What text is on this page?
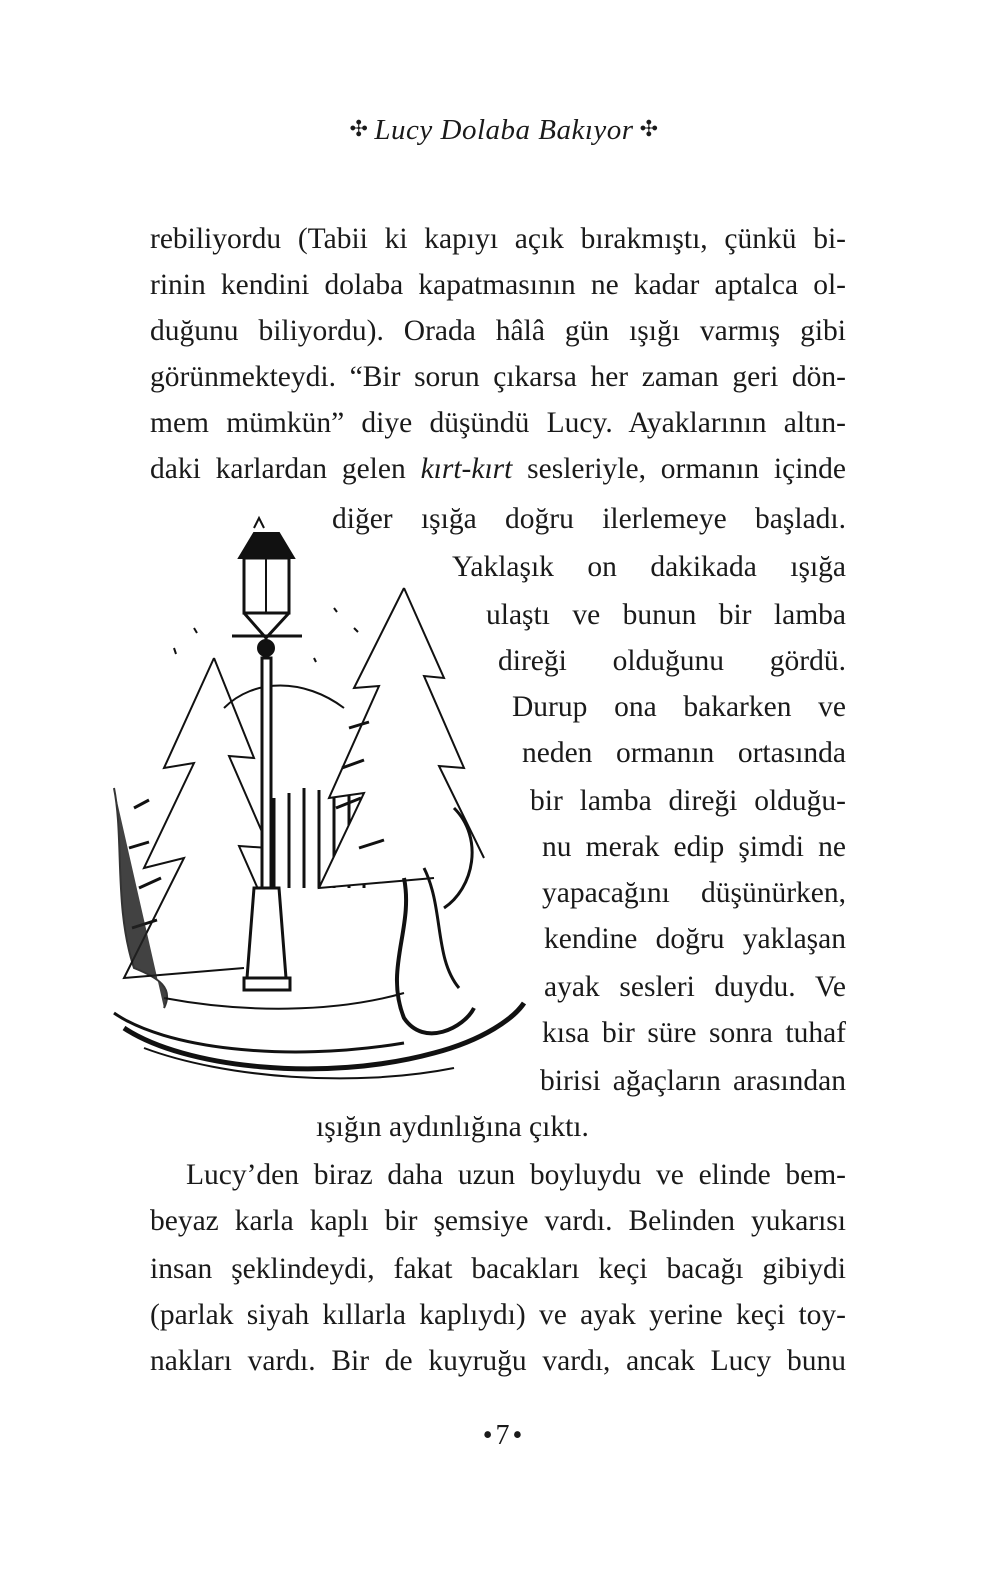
✣ Lucy Dolaba Bakıyor ✣
rebiliyordu (Tabii ki kapıyı açık bırakmıştı, çünkü bi-
rinin kendini dolaba kapatmasının ne kadar aptalca ol-
duğunu biliyordu). Orada hâlâ gün ışığı varmış gibi
görünmekteydi. “Bir sorun çıkarsa her zaman geri dön-
mem mümkün” diye düşündü Lucy. Ayaklarının altın-
daki karlardan gelen kırt-kırt sesleriyle, ormanın içinde
diğer ışığa doğru ilerlemeye başladı.
Yaklaşık on dakikada ışığa
ulaştı ve bunun bir lamba
direği olduğunu gördü.
Durup ona bakarken ve
neden ormanın ortasında
bir lamba direği olduğu-
nu merak edip şimdi ne
yapacağını düşünürken,
kendine doğru yaklaşan
ayak sesleri duydu. Ve
kısa bir süre sonra tuhaf
birisi ağaçların arasından
ışığın aydınlığına çıktı.
Lucy’den biraz daha uzun boyluydu ve elinde bem-
beyaz karla kaplı bir şemsiye vardı. Belinden yukarısı
insan şeklindeydi, fakat bacakları keçi bacağı gibiydi
(parlak siyah kıllarla kaplıydı) ve ayak yerine keçi toy-
nakları vardı. Bir de kuyruğu vardı, ancak Lucy bunu
•7•
